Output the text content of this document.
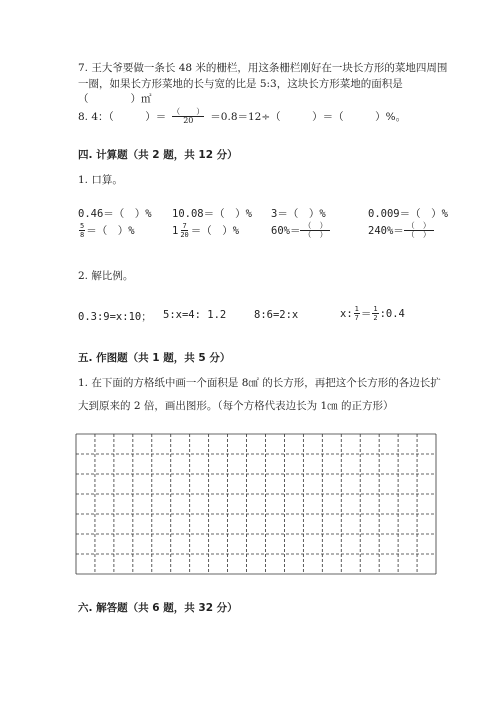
7. 王大爷要做一条长 48 米的栅栏，用这条栅栏刚好在一块长方形的菜地四周围
一圈，如果长方形菜地的长与宽的比是 5:3，这块长方形菜地的面积是
（　　　　）㎡
8. 4：（　　　）＝ $\frac{( )}{20} =0.8=12\div$（　　　）＝（　　　）%。
四. 计算题（共 2 题，共 12 分）
1. 口算。
0.46＝（　）% 10.08＝（　）% 3＝（　）%	0.009＝（　）%
$\frac{5}{8}$ ＝（　）%	$1 \frac{7}{20}$ ＝（　）%	$60\%= \frac{( )}{( )}$	$240\%= \frac{( )}{( )}$
2. 解比例。
0.3:9=x:10； 5:x=4: 1.2	8:6=2:x	x: $\frac{1}{7} = \frac{1}{2}$ :0.4
五. 作图题（共 1 题，共 5 分）
1. 在下面的方格纸中画一个面积是 8㎠ 的长方形，再把这个长方形的各边长扩
大到原来的 2 倍，画出图形。（每个方格代表边长为 1㎝ 的正方形）
六. 解答题（共 6 题，共 32 分）
